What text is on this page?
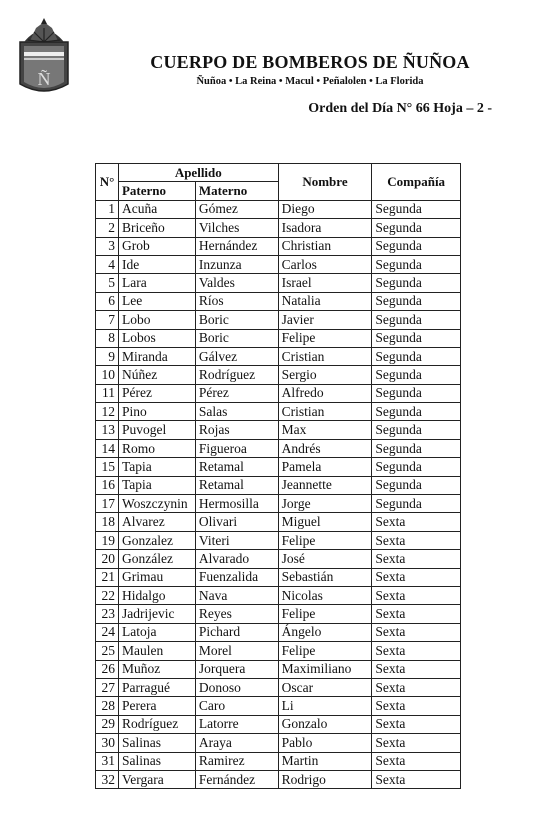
Ñ
CUERPO DE BOMBEROS DE ÑUÑOA
Ñuñoa • La Reina • Macul • Peñalolen • La Florida
Orden del Día N° 66 Hoja – 2 -
N°	Apellido		Nombre	Compañía
	Paterno	Materno		
1	Acuña	Gómez	Diego	Segunda
2	Briceño	Vilches	Isadora	Segunda
3	Grob	Hernández	Christian	Segunda
4	Ide	Inzunza	Carlos	Segunda
5	Lara	Valdes	Israel	Segunda
6	Lee	Ríos	Natalia	Segunda
7	Lobo	Boric	Javier	Segunda
8	Lobos	Boric	Felipe	Segunda
9	Miranda	Gálvez	Cristian	Segunda
10	Núñez	Rodríguez	Sergio	Segunda
11	Pérez	Pérez	Alfredo	Segunda
12	Pino	Salas	Cristian	Segunda
13	Puvogel	Rojas	Max	Segunda
14	Romo	Figueroa	Andrés	Segunda
15	Tapia	Retamal	Pamela	Segunda
16	Tapia	Retamal	Jeannette	Segunda
17	Woszczynin	Hermosilla	Jorge	Segunda
18	Alvarez	Olivari	Miguel	Sexta
19	Gonzalez	Viteri	Felipe	Sexta
20	González	Alvarado	José	Sexta
21	Grimau	Fuenzalida	Sebastián	Sexta
22	Hidalgo	Nava	Nicolas	Sexta
23	Jadrijevic	Reyes	Felipe	Sexta
24	Latoja	Pichard	Ángelo	Sexta
25	Maulen	Morel	Felipe	Sexta
26	Muñoz	Jorquera	Maximiliano	Sexta
27	Parragué	Donoso	Oscar	Sexta
28	Perera	Caro	Li	Sexta
29	Rodríguez	Latorre	Gonzalo	Sexta
30	Salinas	Araya	Pablo	Sexta
31	Salinas	Ramirez	Martin	Sexta
32	Vergara	Fernández	Rodrigo	Sexta
